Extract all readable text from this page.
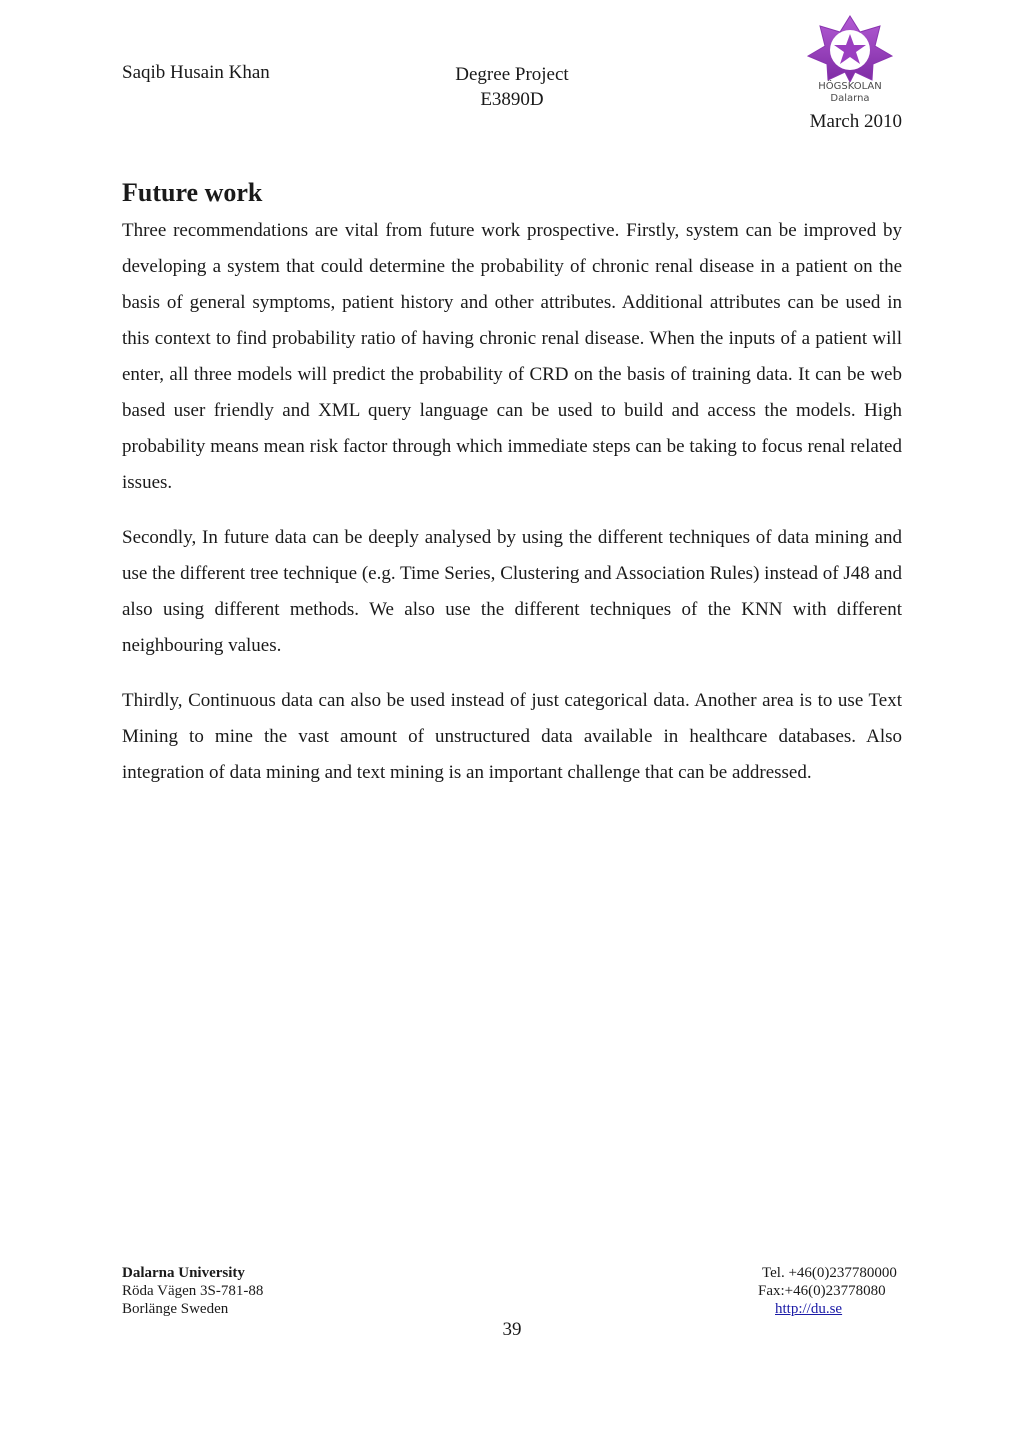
Saqib Husain Khan	Degree Project
E3890D
HÖGSKOLAN
Dalarna
March 2010
Future work

Three recommendations are vital from future work prospective. Firstly, system can be improved by developing a system that could determine the probability of chronic renal disease in a patient on the basis of general symptoms, patient history and other attributes. Additional attributes can be used in this context to find probability ratio of having chronic renal disease. When the inputs of a patient will enter, all three models will predict the probability of CRD on the basis of training data. It can be web based user friendly and XML query language can be used to build and access the models. High probability means mean risk factor through which immediate steps can be taking to focus renal related issues.

Secondly, In future data can be deeply analysed by using the different techniques of data mining and use the different tree technique (e.g. Time Series, Clustering and Association Rules) instead of J48 and also using different methods. We also use the different techniques of the KNN with different neighbouring values.

Thirdly, Continuous data can also be used instead of just categorical data. Another area is to use Text Mining to mine the vast amount of unstructured data available in healthcare databases. Also integration of data mining and text mining is an important challenge that can be addressed.

Dalarna University
Röda Vägen 3S-781-88
Borlänge Sweden
Tel. +46(0)237780000
Fax:+46(0)23778080
http://du.se
39
